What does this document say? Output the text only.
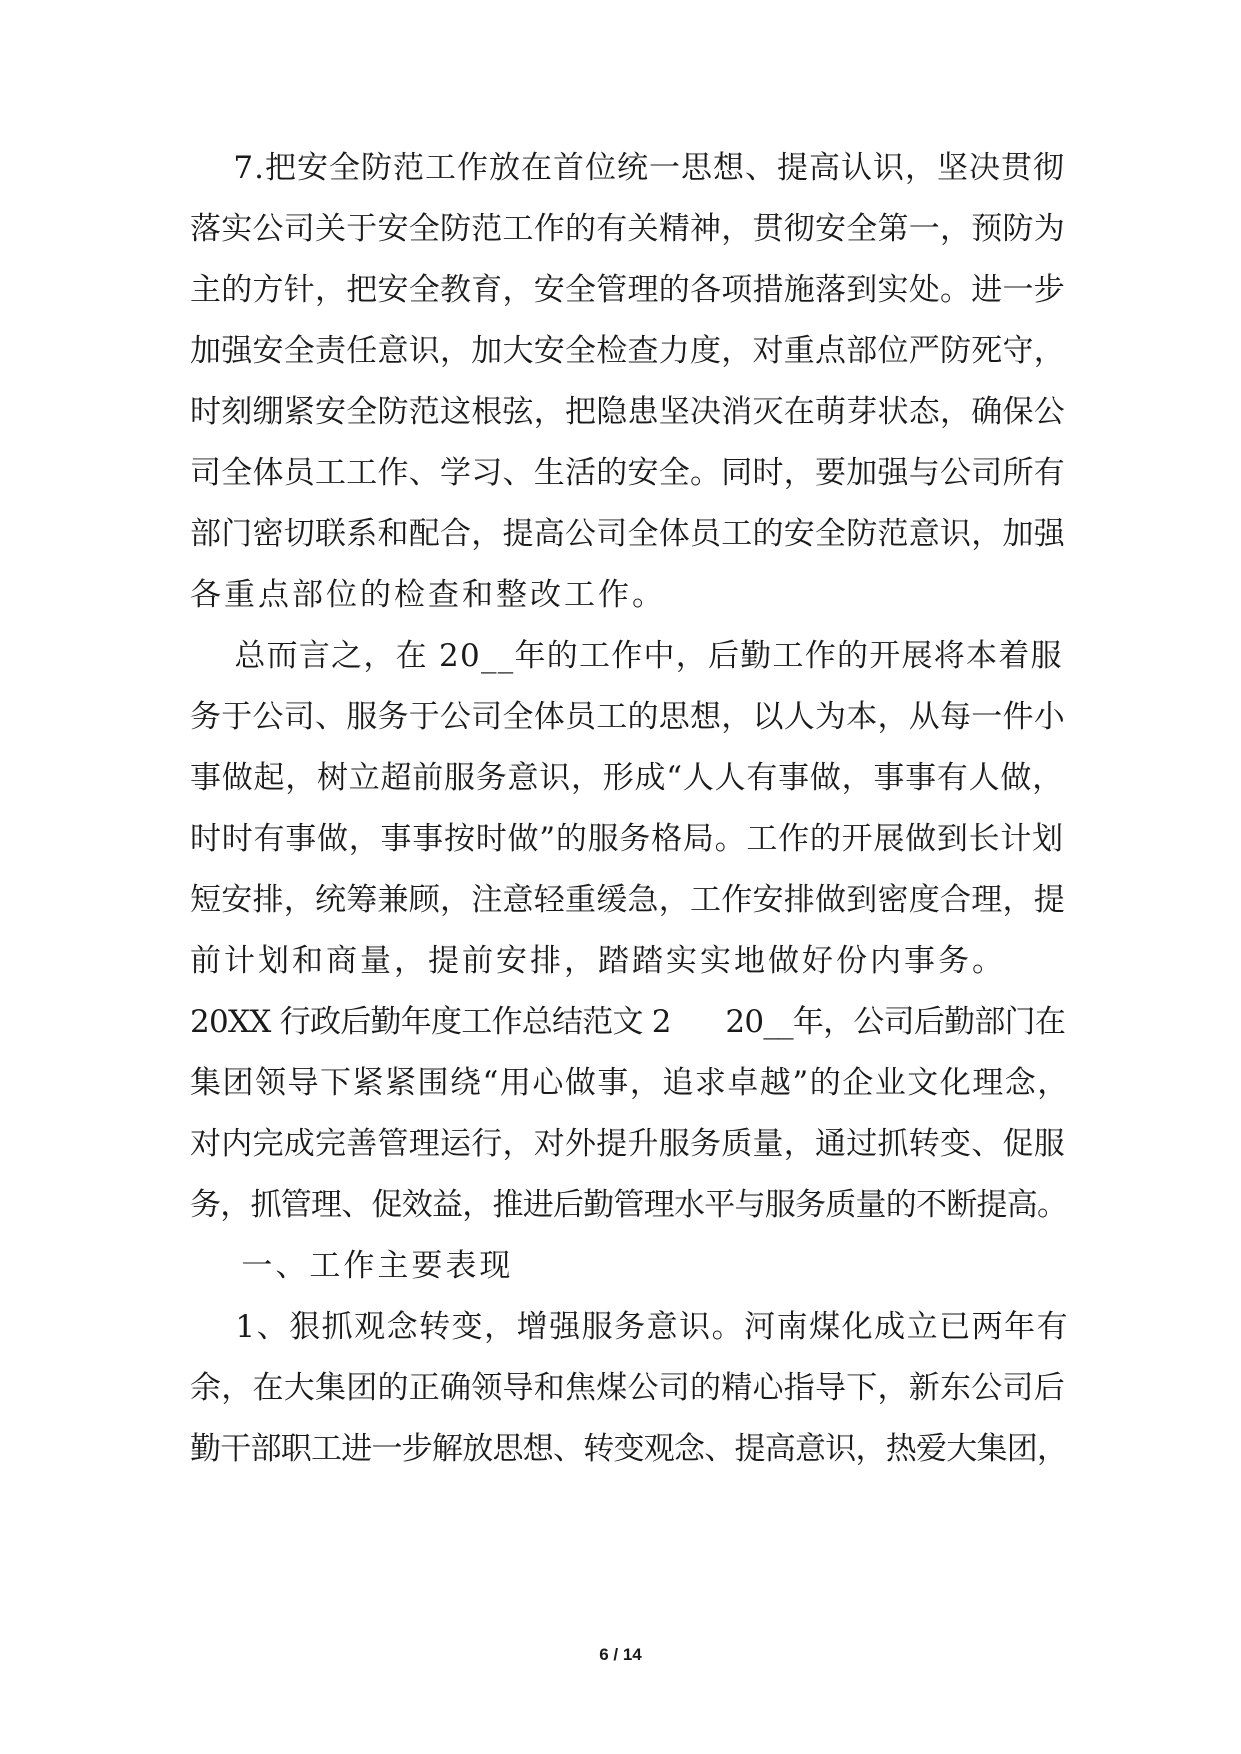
7.把安全防范工作放在首位统一思想、提高认识，坚决贯彻
落实公司关于安全防范工作的有关精神，贯彻安全第一，预防为
主的方针，把安全教育，安全管理的各项措施落到实处。进一步
加强安全责任意识，加大安全检查力度，对重点部位严防死守，
时刻绷紧安全防范这根弦，把隐患坚决消灭在萌芽状态，确保公
司全体员工工作、学习、生活的安全。同时，要加强与公司所有
部门密切联系和配合，提高公司全体员工的安全防范意识，加强
各重点部位的检查和整改工作。
总而言之，在 20__年的工作中，后勤工作的开展将本着服
务于公司、服务于公司全体员工的思想，以人为本，从每一件小
事做起，树立超前服务意识，形成“人人有事做，事事有人做，
时时有事做，事事按时做”的服务格局。工作的开展做到长计划
短安排，统筹兼顾，注意轻重缓急，工作安排做到密度合理，提
前计划和商量，提前安排，踏踏实实地做好份内事务。
20XX 行政后勤年度工作总结范文 2      20__年，公司后勤部门在
集团领导下紧紧围绕“用心做事，追求卓越”的企业文化理念，
对内完成完善管理运行，对外提升服务质量，通过抓转变、促服
务，抓管理、促效益，推进后勤管理水平与服务质量的不断提高。
一、工作主要表现
1、狠抓观念转变，增强服务意识。河南煤化成立已两年有
余，在大集团的正确领导和焦煤公司的精心指导下，新东公司后
勤干部职工进一步解放思想、转变观念、提高意识，热爱大集团，
6 / 14
